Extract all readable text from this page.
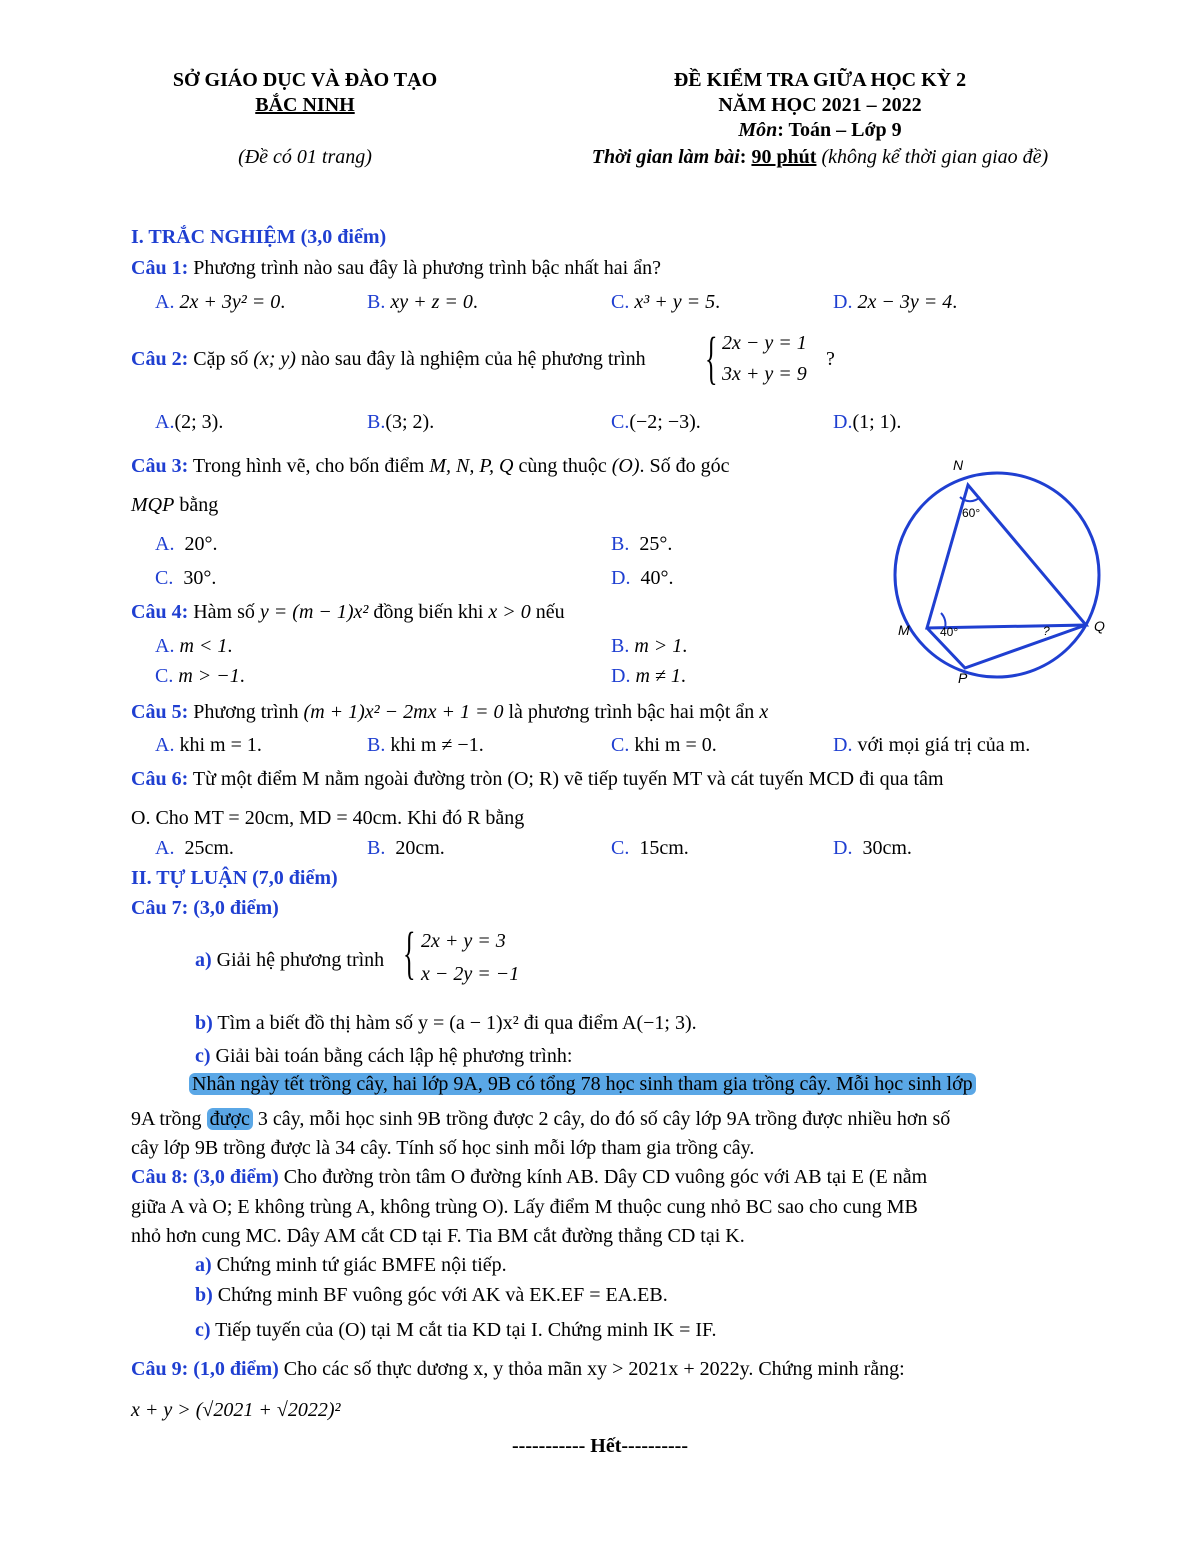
SỞ GIÁO DỤC VÀ ĐÀO TẠO
BẮC NINH
(Đề có 01 trang)
ĐỀ KIỂM TRA GIỮA HỌC KỲ 2
NĂM HỌC 2021 – 2022
Môn: Toán – Lớp 9
Thời gian làm bài: 90 phút (không kể thời gian giao đề)
I. TRẮC NGHIỆM (3,0 điểm)
Câu 1: Phương trình nào sau đây là phương trình bậc nhất hai ẩn?
A. 2x + 3y² = 0.	B. xy + z = 0.	C. x³ + y = 5.	D. 2x − 3y = 4.
Câu 2: Cặp số (x; y) nào sau đây là nghiệm của hệ phương trình { 2x − y = 1
3x + y = 9
?
A.(2; 3).	B.(3; 2).	C.(−2; −3).	D.(1; 1).
Câu 3: Trong hình vẽ, cho bốn điểm M, N, P, Q cùng thuộc (O). Số đo góc
MQP bằng
A. 20°.	B. 25°.
C. 30°.	D. 40°.
N
M
P
Q
60°
40°	?
Câu 4: Hàm số y = (m − 1)x² đồng biến khi x > 0 nếu
A. m < 1.	B. m > 1.
C. m > −1.	D. m ≠ 1.
Câu 5: Phương trình (m + 1)x² − 2mx + 1 = 0 là phương trình bậc hai một ẩn x
A. khi m = 1.	B. khi m ≠ −1.	C. khi m = 0.	D. với mọi giá trị của m.
Câu 6: Từ một điểm M nằm ngoài đường tròn (O; R) vẽ tiếp tuyến MT và cát tuyến MCD đi qua tâm
O. Cho MT = 20cm, MD = 40cm. Khi đó R bằng
A. 25cm.	B. 20cm.	C. 15cm.	D. 30cm.
II. TỰ LUẬN (7,0 điểm)
Câu 7: (3,0 điểm)
a) Giải hệ phương trình { 2x + y = 3
x − 2y = −1
b) Tìm a biết đồ thị hàm số y = (a − 1)x² đi qua điểm A(−1; 3).
c) Giải bài toán bằng cách lập hệ phương trình:
Nhân ngày tết trồng cây, hai lớp 9A, 9B có tổng 78 học sinh tham gia trồng cây. Mỗi học sinh lớp
9A trồng được 3 cây, mỗi học sinh 9B trồng được 2 cây, do đó số cây lớp 9A trồng được nhiều hơn số
cây lớp 9B trồng được là 34 cây. Tính số học sinh mỗi lớp tham gia trồng cây.
Câu 8: (3,0 điểm) Cho đường tròn tâm O đường kính AB. Dây CD vuông góc với AB tại E (E nằm
giữa A và O; E không trùng A, không trùng O). Lấy điểm M thuộc cung nhỏ BC sao cho cung MB
nhỏ hơn cung MC. Dây AM cắt CD tại F. Tia BM cắt đường thẳng CD tại K.
a) Chứng minh tứ giác BMFE nội tiếp.
b) Chứng minh BF vuông góc với AK và EK.EF = EA.EB.
c) Tiếp tuyến của (O) tại M cắt tia KD tại I. Chứng minh IK = IF.
Câu 9: (1,0 điểm) Cho các số thực dương x, y thỏa mãn xy > 2021x + 2022y. Chứng minh rằng:
x + y > (√2021 + √2022)²
----------- Hết----------
